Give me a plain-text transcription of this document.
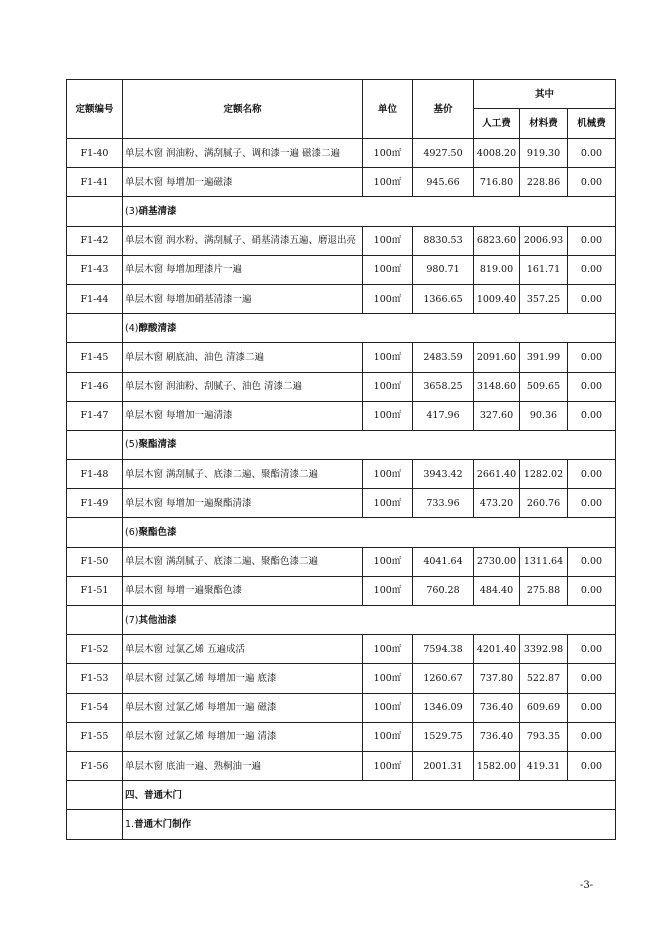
定额编号	定额名称	单位	基价	其中		
				人工费	材料费	机械费
F1-40	单层木窗 润油粉、满刮腻子、调和漆一遍 磁漆二遍	100㎡	4927.50	4008.20	919.30	0.00
F1-41	单层木窗 每增加一遍磁漆	100㎡	945.66	716.80	228.86	0.00
	(3)硝基清漆					
F1-42	单层木窗 润水粉、满刮腻子、硝基清漆五遍、磨退出亮	100㎡	8830.53	6823.60	2006.93	0.00
F1-43	单层木窗 每增加理漆片一遍	100㎡	980.71	819.00	161.71	0.00
F1-44	单层木窗 每增加硝基清漆一遍	100㎡	1366.65	1009.40	357.25	0.00
	(4)醇酸清漆					
F1-45	单层木窗 刷底油、油色 清漆二遍	100㎡	2483.59	2091.60	391.99	0.00
F1-46	单层木窗 润油粉、刮腻子、油色 清漆二遍	100㎡	3658.25	3148.60	509.65	0.00
F1-47	单层木窗 每增加一遍清漆	100㎡	417.96	327.60	90.36	0.00
	(5)聚酯清漆					
F1-48	单层木窗 满刮腻子、底漆二遍、聚酯清漆二遍	100㎡	3943.42	2661.40	1282.02	0.00
F1-49	单层木窗 每增加一遍聚酯清漆	100㎡	733.96	473.20	260.76	0.00
	(6)聚酯色漆					
F1-50	单层木窗 满刮腻子、底漆二遍、聚酯色漆二遍	100㎡	4041.64	2730.00	1311.64	0.00
F1-51	单层木窗 每增一遍聚酯色漆	100㎡	760.28	484.40	275.88	0.00
	(7)其他油漆					
F1-52	单层木窗 过氯乙烯 五遍成活	100㎡	7594.38	4201.40	3392.98	0.00
F1-53	单层木窗 过氯乙烯 每增加一遍 底漆	100㎡	1260.67	737.80	522.87	0.00
F1-54	单层木窗 过氯乙烯 每增加一遍 磁漆	100㎡	1346.09	736.40	609.69	0.00
F1-55	单层木窗 过氯乙烯 每增加一遍 清漆	100㎡	1529.75	736.40	793.35	0.00
F1-56	单层木窗 底油一遍、熟桐油一遍	100㎡	2001.31	1582.00	419.31	0.00
	四、普通木门					
	1.普通木门制作					
-3-
